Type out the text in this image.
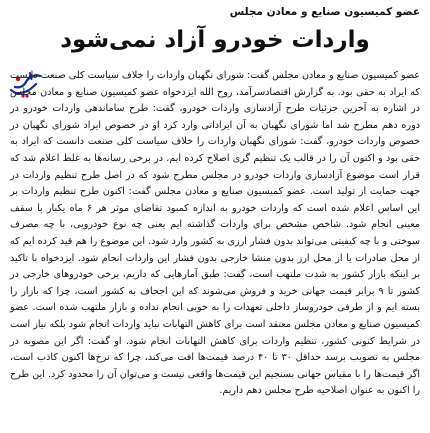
عضو کمیسیون صنایع و معادن مجلس
واردات خودرو آزاد نمی‌شود

عضو کمیسیون صنایع و معادن مجلس گفت: شورای نگهبان واردات را خلاف سیاست کلی صنعت دانست که ایراد به حقی بود. به گزارش اقتصادسرآمد، روح الله ایزدخواه عضو کمیسیون صنایع و معادن مجلس در اشاره به آخرین جزئیات طرح آزادسازی واردات خودرو، گفت: طرح ساماندهی واردات خودرو در دوره دهم مطرح شد اما شورای نگهبان به آن ایراداتی وارد کرد او در خصوص ایراد شورای نگهبان در خصوص واردات خودرو، گفت: شورای نگهبان واردات را خلاف سیاست کلی صنعت دانست که ایراد به حقی بود و اکنون آن را در قالب یک تنظیم گری اصلاح کرده ایم. در برخی رسانه‌ها به غلط اعلام شد که قرار است موضوع آزادسازی واردات خودرو در مجلس مطرح شود که در اصل طرح تنظیم واردات در جهت حمایت از تولید است. عضو کمیسیون صنایع و معادن مجلس گفت: اکنون طرح تنظیم واردات بر این اساس اعلام شده است که واردات خودرو به اندازه کمبود تقاضای موثر هر ۶ ماه یکبار با سقف معینی انجام شود. شاخص مشخص برای واردات گذاشته ایم یعنی چه نوع خودرویی، با چه مصرف سوختی و با چه کیفیتی می‌تواند بدون فشار ارزی به کشور وارد شود. این موضوع را هم قید کرده ایم که از محل صادرات یا از محل ارز بدون منشا خارجی بدون فشار این واردات انجام شود. ایزدخواه با تاکید بر اینکه بازار کشور به شدت ملتهب است، گفت: طبق آمارهایی که داریم، برخی خودروهای خارجی در کشور تا ۹ برابر قیمت جهانی خرید و فروش می‌شوند که این اجحاف به کشور است، چرا که بازار را بسته ایم و از طرفی خودروساز داخلی تعهدات را به خوبی انجام نداده و بازار ملتهب شده است. عضو کمیسیون صنایع و معادن مجلس معتقد است برای کاهش التهابات نباید واردات انجام شود بلکه نیاز است در شرایط کنونی کشور، تنظیم واردات برای کاهش التهابات انجام شود. او گفت: اگر این مصوبه در مجلس به تصویب برسد حداقل ۳۰ تا ۴۰ درصد قیمت‌ها افت می‌کند، چرا که نرخ‌ها اکنون کاذب است، اگر قیمت‌ها را با مقیاس جهانی بسنجیم این قیمت‌ها واقعی نیست و می‌توان آن را محدود کرد. این طرح را اکنون به عنوان اصلاحیه طرح مجلس دهم داریم.
